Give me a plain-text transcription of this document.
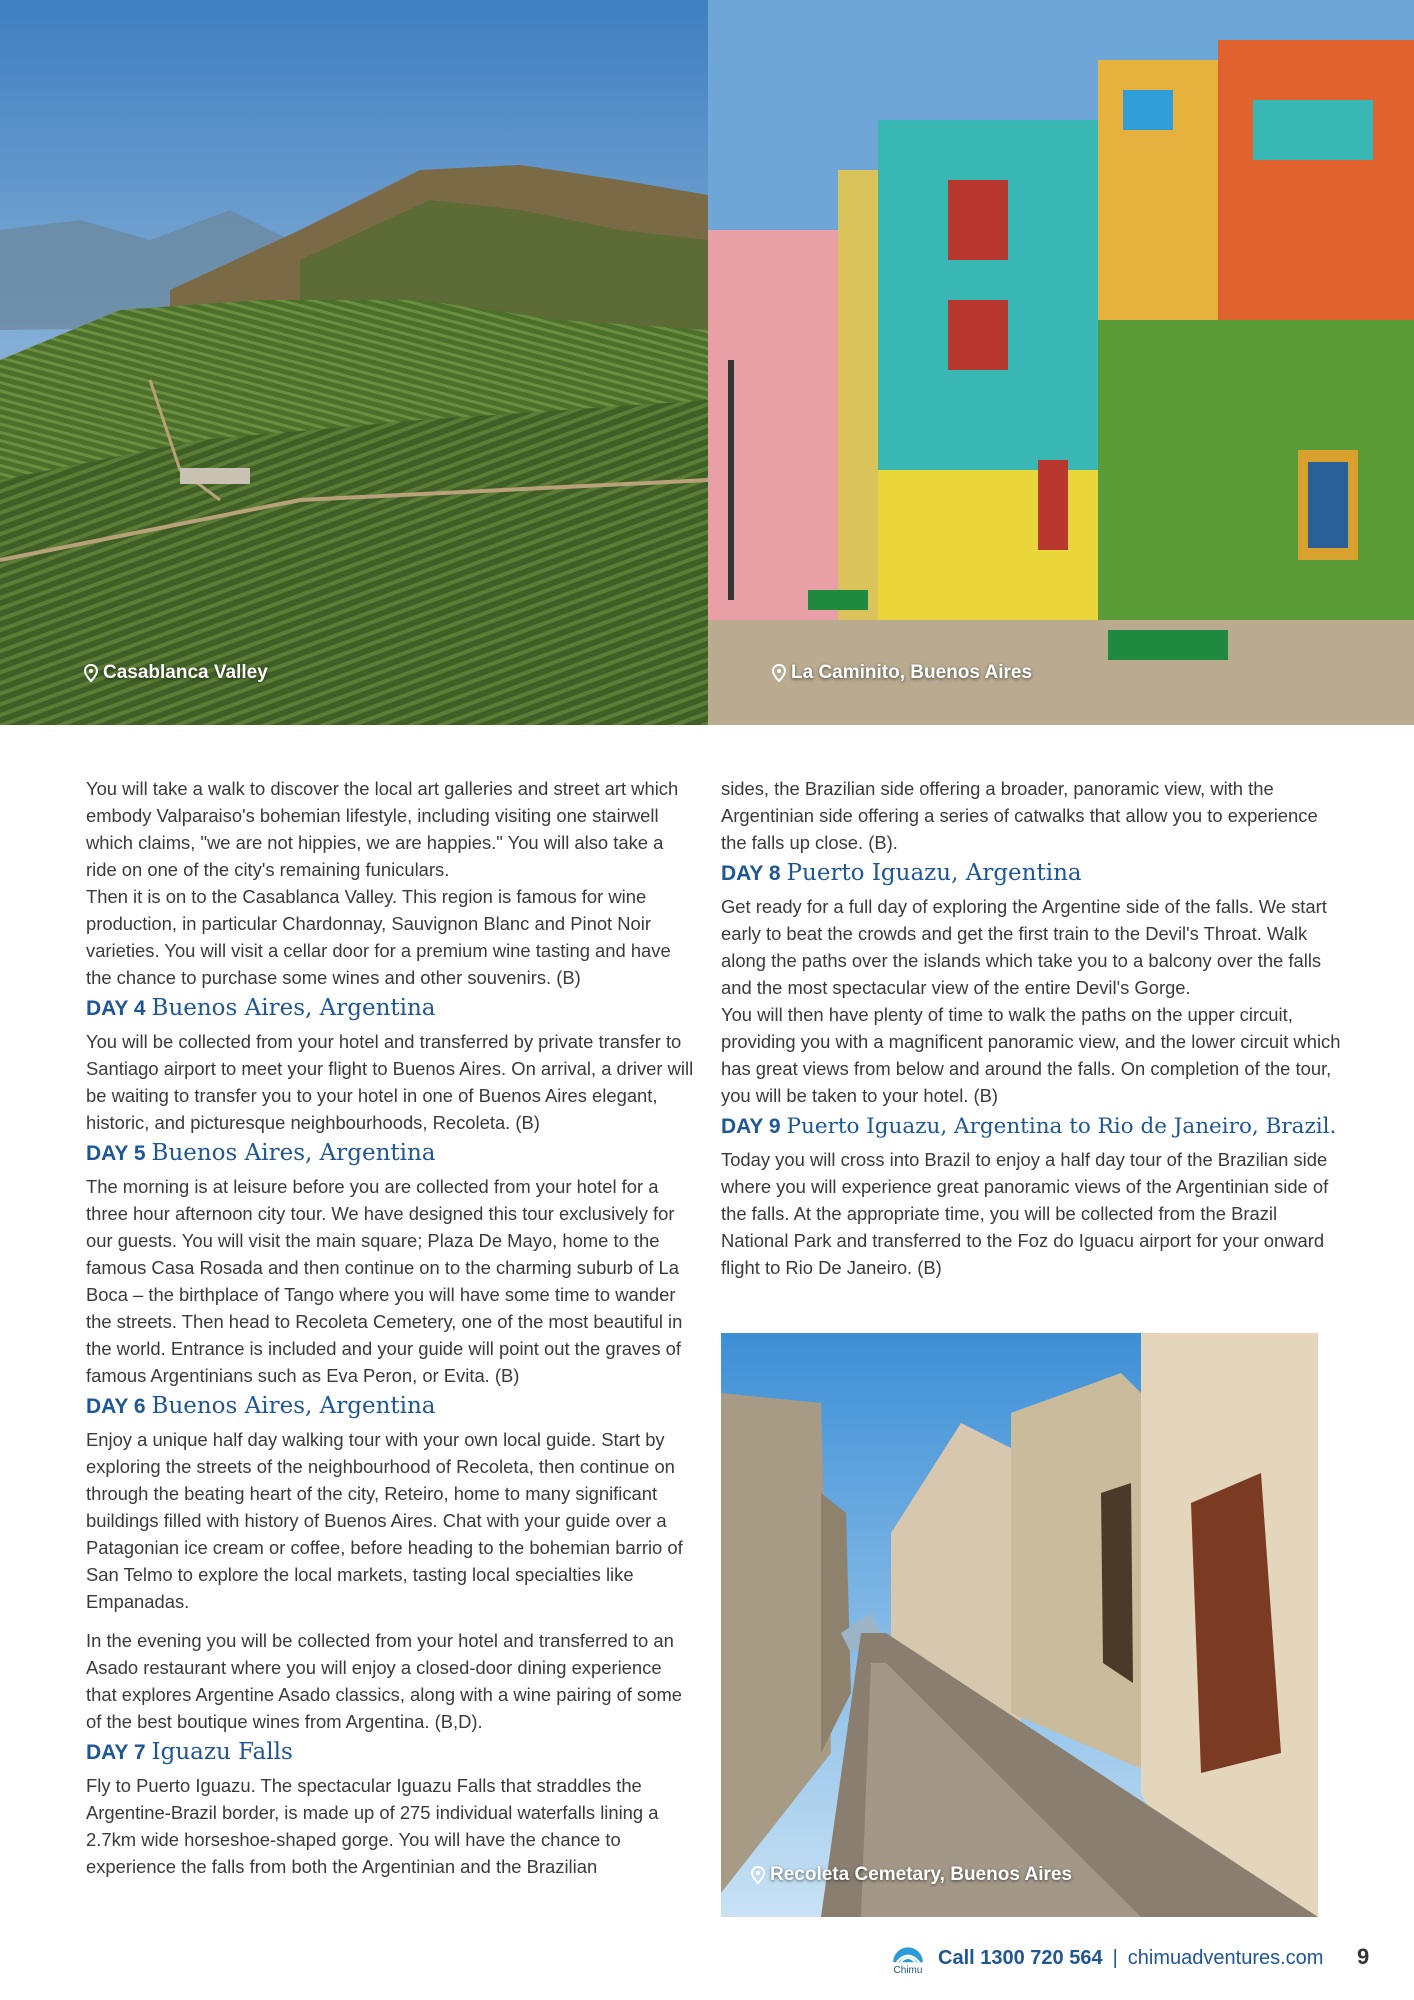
Casablanca Valley	La Caminito, Buenos Aires

You will take a walk to discover the local art galleries and street art which embody Valparaiso's bohemian lifestyle, including visiting one stairwell which claims, "we are not hippies, we are happies." You will also take a ride on one of the city's remaining funiculars.

Then it is on to the Casablanca Valley. This region is famous for wine production, in particular Chardonnay, Sauvignon Blanc and Pinot Noir varieties. You will visit a cellar door for a premium wine tasting and have the chance to purchase some wines and other souvenirs. (B)

DAY 4 Buenos Aires, Argentina

You will be collected from your hotel and transferred by private transfer to Santiago airport to meet your flight to Buenos Aires. On arrival, a driver will be waiting to transfer you to your hotel in one of Buenos Aires elegant, historic, and picturesque neighbourhoods, Recoleta. (B)

DAY 5 Buenos Aires, Argentina

The morning is at leisure before you are collected from your hotel for a three hour afternoon city tour. We have designed this tour exclusively for our guests. You will visit the main square; Plaza De Mayo, home to the famous Casa Rosada and then continue on to the charming suburb of La Boca – the birthplace of Tango where you will have some time to wander the streets. Then head to Recoleta Cemetery, one of the most beautiful in the world. Entrance is included and your guide will point out the graves of famous Argentinians such as Eva Peron, or Evita. (B)

DAY 6 Buenos Aires, Argentina

Enjoy a unique half day walking tour with your own local guide. Start by exploring the streets of the neighbourhood of Recoleta, then continue on through the beating heart of the city, Reteiro, home to many significant buildings filled with history of Buenos Aires. Chat with your guide over a Patagonian ice cream or coffee, before heading to the bohemian barrio of San Telmo to explore the local markets, tasting local specialties like Empanadas.

In the evening you will be collected from your hotel and transferred to an Asado restaurant where you will enjoy a closed-door dining experience that explores Argentine Asado classics, along with a wine pairing of some of the best boutique wines from Argentina. (B,D).

DAY 7 Iguazu Falls

Fly to Puerto Iguazu. The spectacular Iguazu Falls that straddles the Argentine-Brazil border, is made up of 275 individual waterfalls lining a 2.7km wide horseshoe-shaped gorge. You will have the chance to experience the falls from both the Argentinian and the Brazilian

sides, the Brazilian side offering a broader, panoramic view, with the Argentinian side offering a series of catwalks that allow you to experience the falls up close. (B).

DAY 8 Puerto Iguazu, Argentina

Get ready for a full day of exploring the Argentine side of the falls. We start early to beat the crowds and get the first train to the Devil's Throat. Walk along the paths over the islands which take you to a balcony over the falls and the most spectacular view of the entire Devil's Gorge.

You will then have plenty of time to walk the paths on the upper circuit, providing you with a magnificent panoramic view, and the lower circuit which has great views from below and around the falls. On completion of the tour, you will be taken to your hotel. (B)

DAY 9 Puerto Iguazu, Argentina to Rio de Janeiro, Brazil.

Today you will cross into Brazil to enjoy a half day tour of the Brazilian side where you will experience great panoramic views of the Argentinian side of the falls. At the appropriate time, you will be collected from the Brazil National Park and transferred to the Foz do Iguacu airport for your onward flight to Rio De Janeiro. (B)

Recoleta Cemetary, Buenos Aires
Chimu
Call 1300 720 564 | chimuadventures.com 9
